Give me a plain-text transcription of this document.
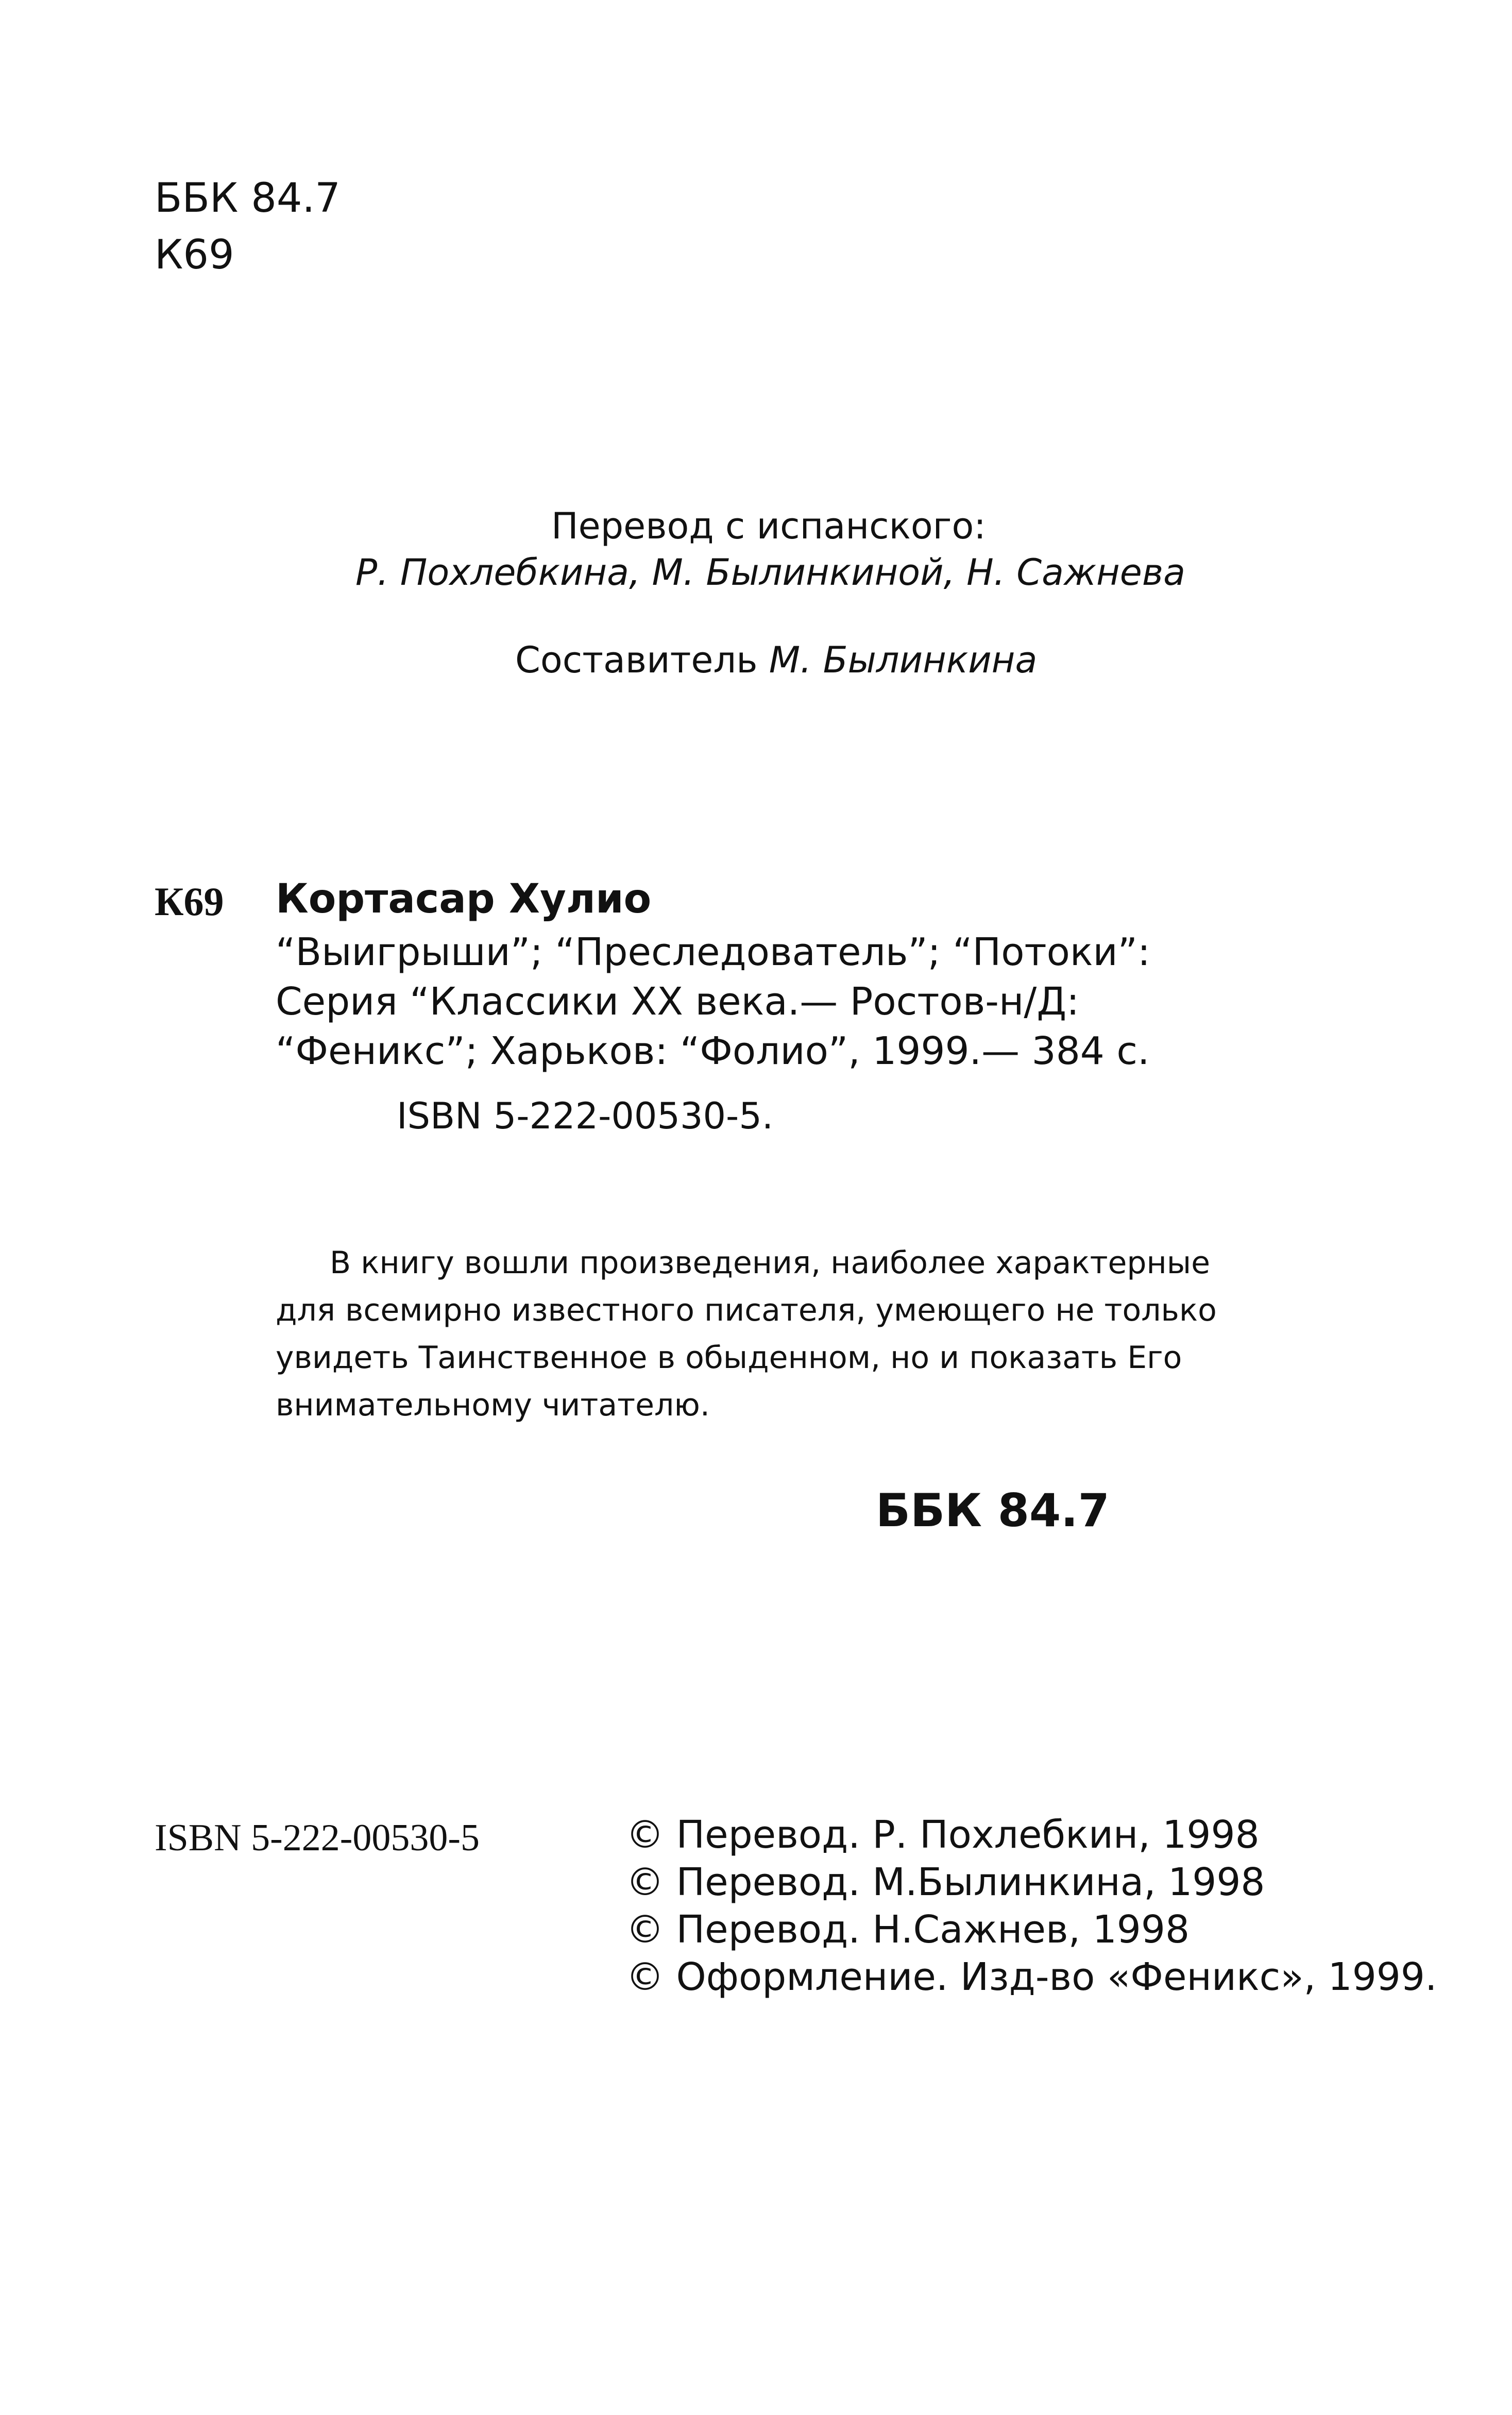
ББК 84.7
К69
Перевод с испанского:
Р. Похлебкина, М. Былинкиной, Н. Сажнева
Составитель М. Былинкина
К69 Кортасар Хулио
“Выигрыши”; “Преследователь”; “Потоки”:
Серия “Классики XX века.— Ростов-н/Д:
“Феникс”; Харьков: “Фолио”, 1999.— 384 с.
ISBN 5-222-00530-5.
В книгу вошли произведения, наиболее характерные
для всемирно известного писателя, умеющего не только
увидеть Таинственное в обыденном, но и показать Его
внимательному читателю.
ББК 84.7
ISBN 5-222-00530-5	© Перевод. Р. Похлебкин, 1998
© Перевод. М.Былинкина, 1998
© Перевод. Н.Сажнев, 1998
© Оформление. Изд-во «Феникс», 1999.
